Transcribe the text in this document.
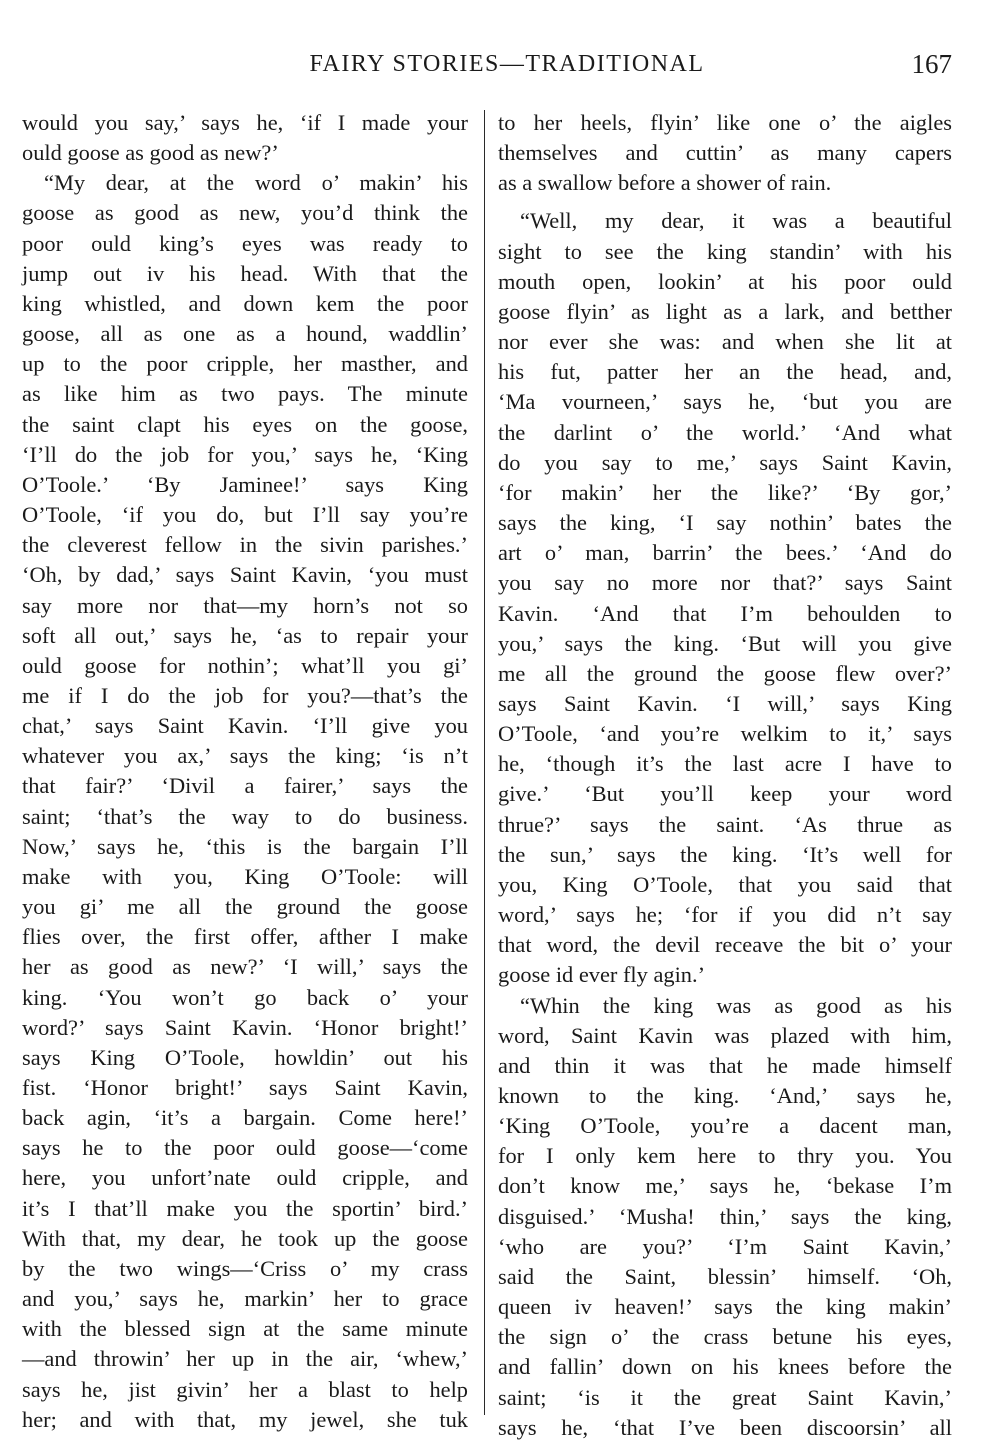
FAIRY STORIES—TRADITIONAL	167
would you say,’ says he, ‘if I made your
ould goose as good as new?’
“My dear, at the word o’ makin’ his
goose as good as new, you’d think the
poor ould king’s eyes was ready to
jump out iv his head. With that the
king whistled, and down kem the poor
goose, all as one as a hound, waddlin’
up to the poor cripple, her masther, and
as like him as two pays. The minute
the saint clapt his eyes on the goose,
‘I’ll do the job for you,’ says he, ‘King
O’Toole.’ ‘By Jaminee!’ says King
O’Toole, ‘if you do, but I’ll say you’re
the cleverest fellow in the sivin parishes.’
‘Oh, by dad,’ says Saint Kavin, ‘you must
say more nor that—my horn’s not so
soft all out,’ says he, ‘as to repair your
ould goose for nothin’; what’ll you gi’
me if I do the job for you?—that’s the
chat,’ says Saint Kavin. ‘I’ll give you
whatever you ax,’ says the king; ‘is n’t
that fair?’ ‘Divil a fairer,’ says the
saint; ‘that’s the way to do business.
Now,’ says he, ‘this is the bargain I’ll
make with you, King O’Toole: will
you gi’ me all the ground the goose
flies over, the first offer, afther I make
her as good as new?’ ‘I will,’ says the
king. ‘You won’t go back o’ your
word?’ says Saint Kavin. ‘Honor bright!’
says King O’Toole, howldin’ out his
fist. ‘Honor bright!’ says Saint Kavin,
back agin, ‘it’s a bargain. Come here!’
says he to the poor ould goose—‘come
here, you unfort’nate ould cripple, and
it’s I that’ll make you the sportin’ bird.’
With that, my dear, he took up the goose
by the two wings—‘Criss o’ my crass
and you,’ says he, markin’ her to grace
with the blessed sign at the same minute
—and throwin’ her up in the air, ‘whew,’
says he, jist givin’ her a blast to help
her; and with that, my jewel, she tuk
to her heels, flyin’ like one o’ the aigles
themselves and cuttin’ as many capers
as a swallow before a shower of rain.
“Well, my dear, it was a beautiful
sight to see the king standin’ with his
mouth open, lookin’ at his poor ould
goose flyin’ as light as a lark, and betther
nor ever she was: and when she lit at
his fut, patter her an the head, and,
‘Ma vourneen,’ says he, ‘but you are
the darlint o’ the world.’ ‘And what
do you say to me,’ says Saint Kavin,
‘for makin’ her the like?’ ‘By gor,’
says the king, ‘I say nothin’ bates the
art o’ man, barrin’ the bees.’ ‘And do
you say no more nor that?’ says Saint
Kavin. ‘And that I’m behoulden to
you,’ says the king. ‘But will you give
me all the ground the goose flew over?’
says Saint Kavin. ‘I will,’ says King
O’Toole, ‘and you’re welkim to it,’ says
he, ‘though it’s the last acre I have to
give.’ ‘But you’ll keep your word
thrue?’ says the saint. ‘As thrue as
the sun,’ says the king. ‘It’s well for
you, King O’Toole, that you said that
word,’ says he; ‘for if you did n’t say
that word, the devil receave the bit o’ your
goose id ever fly agin.’
“Whin the king was as good as his
word, Saint Kavin was plazed with him,
and thin it was that he made himself
known to the king. ‘And,’ says he,
‘King O’Toole, you’re a dacent man,
for I only kem here to thry you. You
don’t know me,’ says he, ‘bekase I’m
disguised.’ ‘Musha! thin,’ says the king,
‘who are you?’ ‘I’m Saint Kavin,’
said the Saint, blessin’ himself. ‘Oh,
queen iv heaven!’ says the king makin’
the sign o’ the crass betune his eyes,
and fallin’ down on his knees before the
saint; ‘is it the great Saint Kavin,’
says he, ‘that I’ve been discoorsin’ all
